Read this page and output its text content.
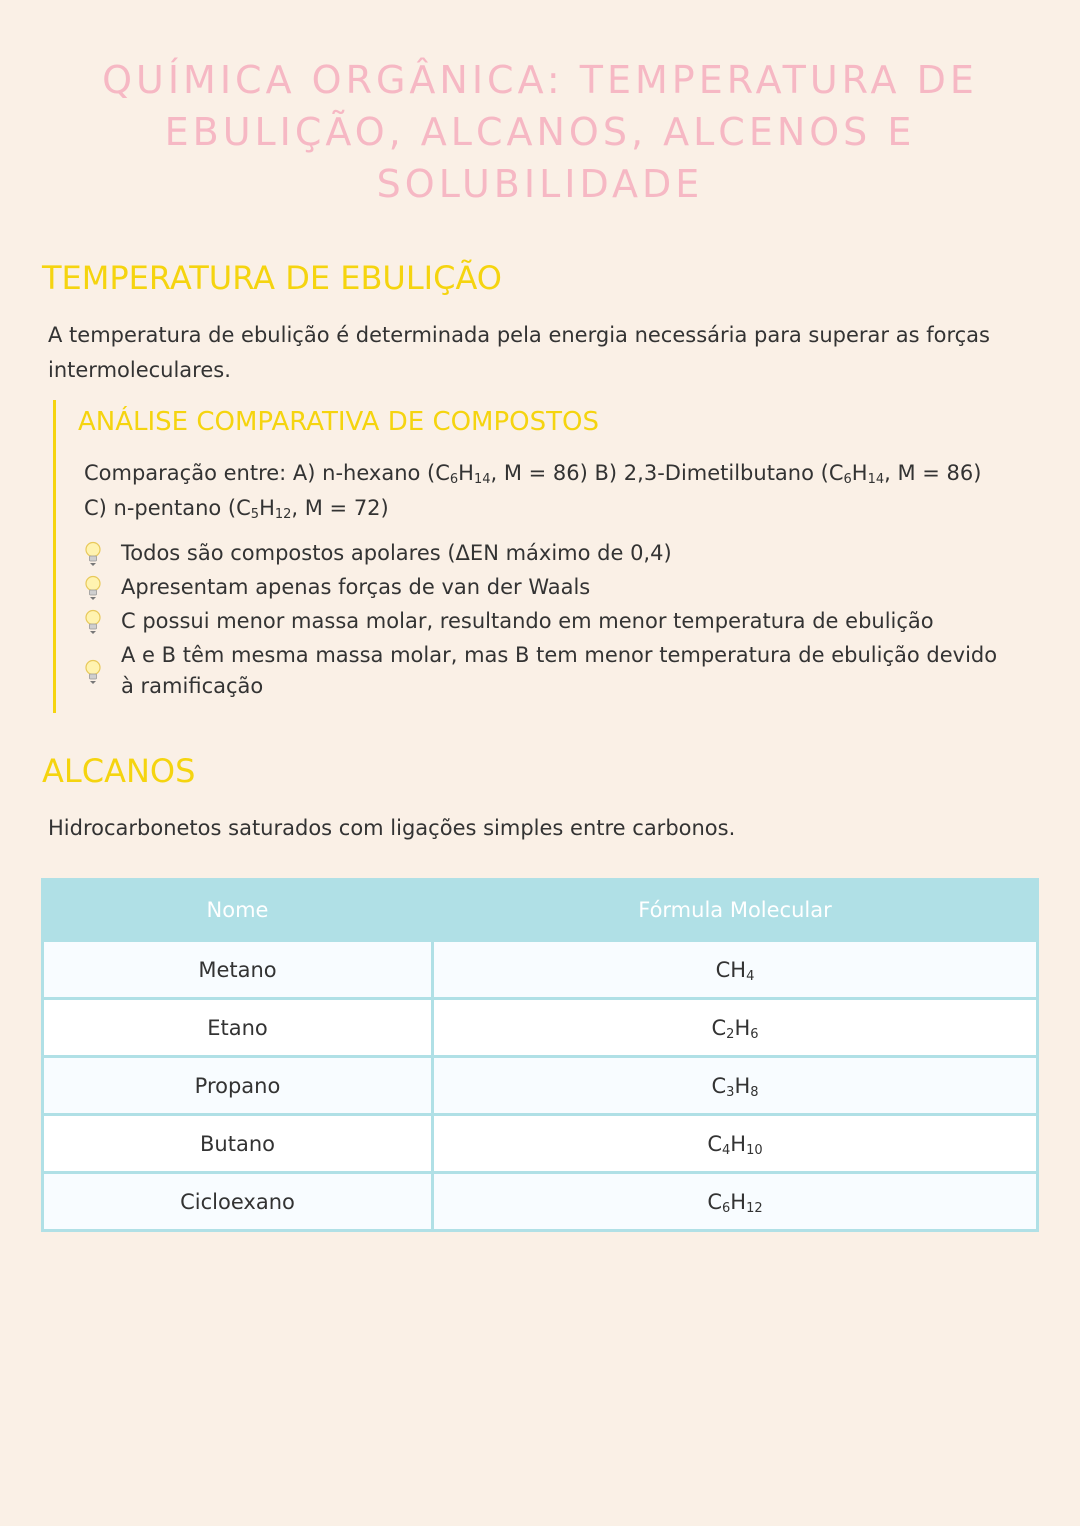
QUÍMICA ORGÂNICA: TEMPERATURA DE EBULIÇÃO, ALCANOS, ALCENOS E SOLUBILIDADE
TEMPERATURA DE EBULIÇÃO

A temperatura de ebulição é determinada pela energia necessária para superar as forças intermoleculares.

ANÁLISE COMPARATIVA DE COMPOSTOS

Comparação entre: A) n-hexano ($C_6H_{14}$, M = 86) B) 2,3-Dimetilbutano ($C_6H_{14}$, M = 86) C) n-pentano ($C_5H_{12}$, M = 72)

Todos são compostos apolares (ΔEN máximo de 0,4)
Apresentam apenas forças de van der Waals
C possui menor massa molar, resultando em menor temperatura de ebulição
A e B têm mesma massa molar, mas B tem menor temperatura de ebulição devido à ramificação
ALCANOS

Hidrocarbonetos saturados com ligações simples entre carbonos.

Nome	Fórmula Molecular
Metano	$CH_4$
Etano	$C_2H_6$
Propano	$C_3H_8$
Butano	$C_4H_{10}$
Cicloexano	$C_6H_{12}$
